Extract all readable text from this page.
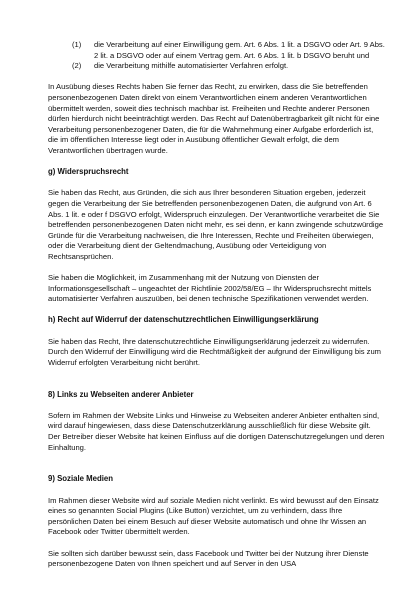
(1)	die Verarbeitung auf einer Einwilligung gem. Art. 6 Abs. 1 lit. a DSGVO oder Art. 9 Abs. 2 lit. a DSGVO oder auf einem Vertrag gem. Art. 6 Abs. 1 lit. b DSGVO beruht und
(2)	die Verarbeitung mithilfe automatisierter Verfahren erfolgt.

In Ausübung dieses Rechts haben Sie ferner das Recht, zu erwirken, dass die Sie betreffenden personenbezogenen Daten direkt von einem Verantwortlichen einem anderen Verantwortlichen übermittelt werden, soweit dies technisch machbar ist. Freiheiten und Rechte anderer Personen dürfen hierdurch nicht beeinträchtigt werden. Das Recht auf Datenübertragbarkeit gilt nicht für eine Verarbeitung personenbezogener Daten, die für die Wahrnehmung einer Aufgabe erforderlich ist, die im öffentlichen Interesse liegt oder in Ausübung öffentlicher Gewalt erfolgt, die dem Verantwortlichen übertragen wurde.

g) Widerspruchsrecht

Sie haben das Recht, aus Gründen, die sich aus Ihrer besonderen Situation ergeben, jederzeit gegen die Verarbeitung der Sie betreffenden personenbezogenen Daten, die aufgrund von Art. 6 Abs. 1 lit. e oder f DSGVO erfolgt, Widerspruch einzulegen. Der Verantwortliche verarbeitet die Sie betreffenden personenbezogenen Daten nicht mehr, es sei denn, er kann zwingende schutzwürdige Gründe für die Verarbeitung nachweisen, die Ihre Interessen, Rechte und Freiheiten überwiegen, oder die Verarbeitung dient der Geltendmachung, Ausübung oder Verteidigung von Rechtsansprüchen.

Sie haben die Möglichkeit, im Zusammenhang mit der Nutzung von Diensten der Informationsgesellschaft – ungeachtet der Richtlinie 2002/58/EG – Ihr Widerspruchsrecht mittels automatisierter Verfahren auszuüben, bei denen technische Spezifikationen verwendet werden.

h) Recht auf Widerruf der datenschutzrechtlichen Einwilligungserklärung

Sie haben das Recht, Ihre datenschutzrechtliche Einwilligungserklärung jederzeit zu widerrufen. Durch den Widerruf der Einwilligung wird die Rechtmäßigkeit der aufgrund der Einwilligung bis zum Widerruf erfolgten Verarbeitung nicht berührt.

8) Links zu Webseiten anderer Anbieter

Sofern im Rahmen der Website Links und Hinweise zu Webseiten anderer Anbieter enthalten sind, wird darauf hingewiesen, dass diese Datenschutzerklärung ausschließlich für diese Website gilt. Der Betreiber dieser Website hat keinen Einfluss auf die dortigen Datenschutzregelungen und deren Einhaltung.

9) Soziale Medien

Im Rahmen dieser Website wird auf soziale Medien nicht verlinkt. Es wird bewusst auf den Einsatz eines so genannten Social Plugins (Like Button) verzichtet, um zu verhindern, dass Ihre persönlichen Daten bei einem Besuch auf dieser Website automatisch und ohne Ihr Wissen an Facebook oder Twitter übermittelt werden.

Sie sollten sich darüber bewusst sein, dass Facebook und Twitter bei der Nutzung ihrer Dienste personenbezogene Daten von Ihnen speichert und auf Server in den USA
